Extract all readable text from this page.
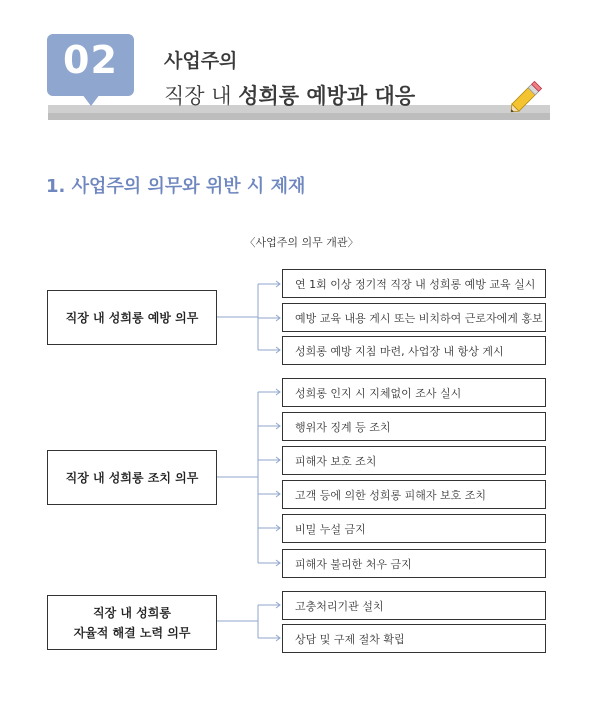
02	사업주의
직장 내 성희롱 예방과 대응
1. 사업주의 의무와 위반 시 제재
〈사업주의 의무 개관〉
직장 내 성희롱 예방 의무
연 1회 이상 정기적 직장 내 성희롱 예방 교육 실시
예방 교육 내용 게시 또는 비치하여 근로자에게 홍보
성희롱 예방 지침 마련, 사업장 내 항상 게시
직장 내 성희롱 조치 의무
성희롱 인지 시 지체없이 조사 실시
행위자 징계 등 조치
피해자 보호 조치
고객 등에 의한 성희롱 피해자 보호 조치
비밀 누설 금지
피해자 불리한 처우 금지
직장 내 성희롱
자율적 해결 노력 의무
고충처리기관 설치
상담 및 구제 절차 확립
